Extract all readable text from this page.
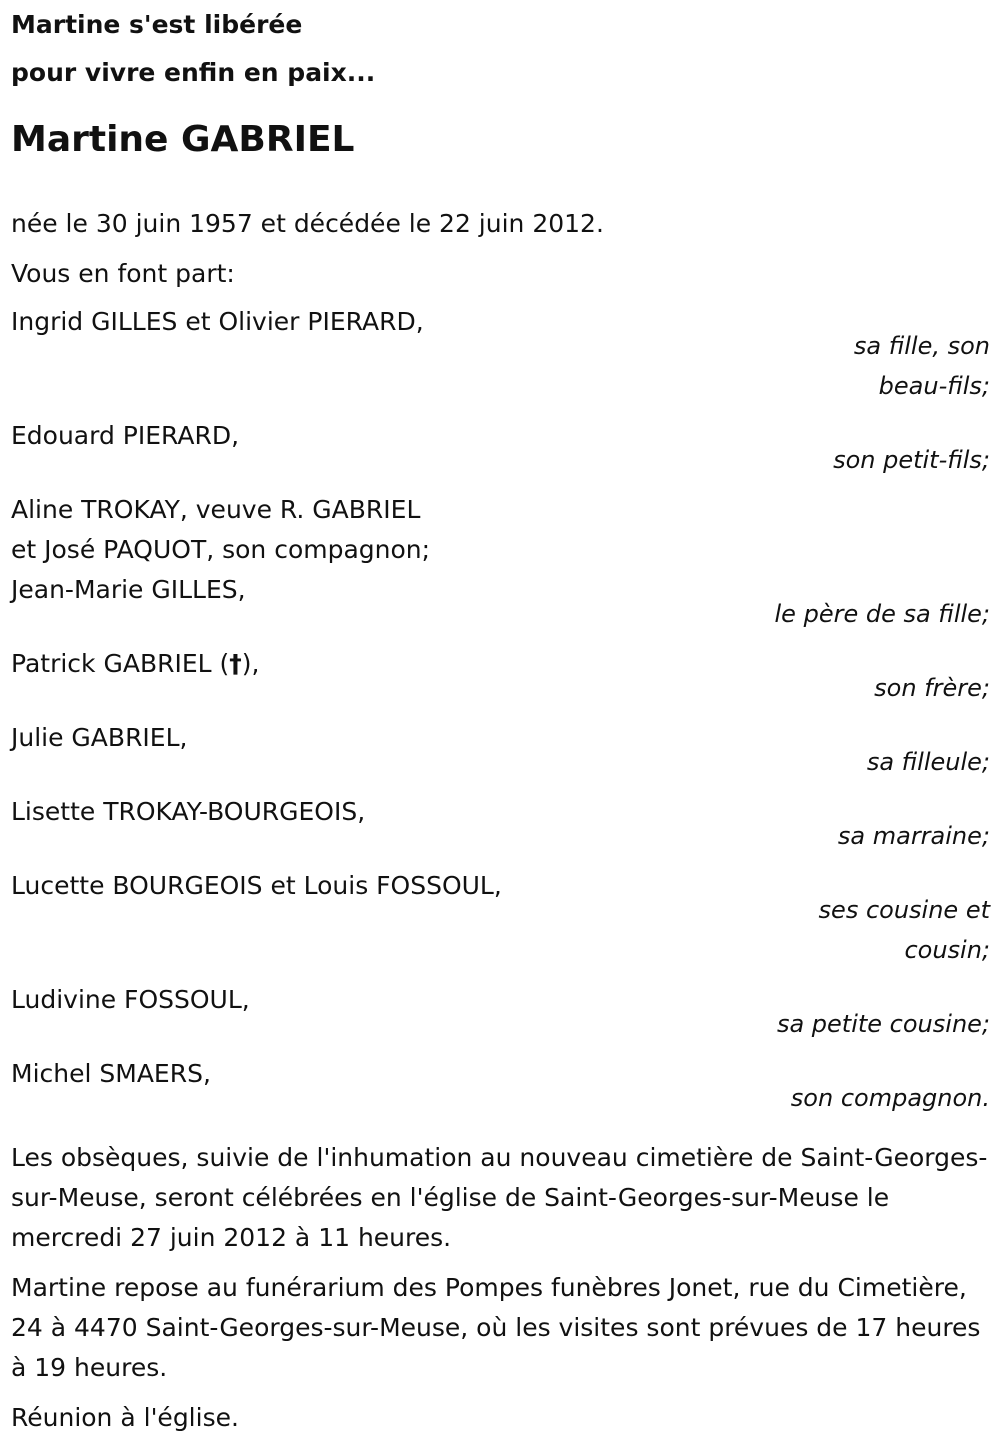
Martine s'est libérée

pour vivre enfin en paix...

Martine GABRIEL

née le 30 juin 1957 et décédée le 22 juin 2012.

Vous en font part:

Ingrid GILLES et Olivier PIERARD,
sa fille, son beau-fils;
Edouard PIERARD,
son petit-fils;
Aline TROKAY, veuve R. GABRIEL
et José PAQUOT, son compagnon;
Jean-Marie GILLES,
le père de sa fille;
Patrick GABRIEL (†),
son frère;
Julie GABRIEL,
sa filleule;
Lisette TROKAY-BOURGEOIS,
sa marraine;
Lucette BOURGEOIS et Louis FOSSOUL,
ses cousine et cousin;
Ludivine FOSSOUL,
sa petite cousine;
Michel SMAERS,
son compagnon.

Les obsèques, suivie de l'inhumation au nouveau cimetière de Saint-Georges-sur-Meuse, seront célébrées en l'église de Saint-Georges-sur-Meuse le mercredi 27 juin 2012 à 11 heures.

Martine repose au funérarium des Pompes funèbres Jonet, rue du Cimetière, 24 à 4470 Saint-Georges-sur-Meuse, où les visites sont prévues de 17 heures à 19 heures.

Réunion à l'église.
